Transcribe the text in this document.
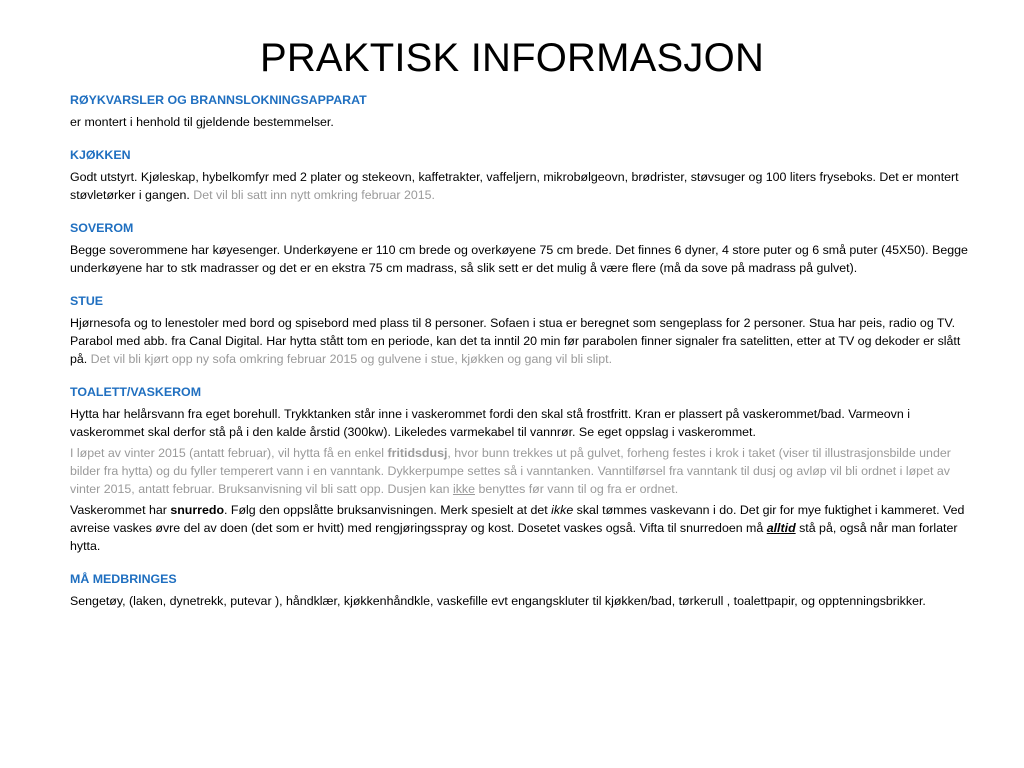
PRAKTISK INFORMASJON
RØYKVARSLER OG BRANNSLOKNINGSAPPARAT
er montert i henhold til gjeldende bestemmelser.
KJØKKEN
Godt utstyrt. Kjøleskap, hybelkomfyr med 2 plater og stekeovn, kaffetrakter, vaffeljern, mikrobølgeovn, brødrister, støvsuger og 100 liters fryseboks. Det er montert støvletørker i gangen. Det vil bli satt inn nytt omkring februar 2015.
SOVEROM
Begge soverommene har køyesenger. Underkøyene er 110 cm brede og overkøyene 75 cm brede. Det finnes 6 dyner, 4 store puter og 6 små puter (45X50). Begge underkøyene har to stk madrasser og det er en ekstra 75 cm madrass, så slik sett er det mulig å være flere (må da sove på madrass på gulvet).
STUE
Hjørnesofa og to lenestoler med bord og spisebord med plass til 8 personer. Sofaen i stua er beregnet som sengeplass for 2 personer. Stua har peis, radio og TV. Parabol med abb. fra Canal Digital. Har hytta stått tom en periode, kan det ta inntil 20 min før parabolen finner signaler fra satelitten, etter at TV og dekoder er slått på. Det vil bli kjørt opp ny sofa omkring februar 2015 og gulvene i stue, kjøkken og gang vil bli slipt.
TOALETT/VASKEROM
Hytta har helårsvann fra eget borehull. Trykktanken står inne i vaskerommet fordi den skal stå frostfritt. Kran er plassert på vaskerommet/bad. Varmeovn i vaskerommet skal derfor stå på i den kalde årstid (300kw). Likeledes varmekabel til vannrør. Se eget oppslag i vaskerommet.
I løpet av vinter 2015 (antatt februar), vil hytta få en enkel fritidsdusj, hvor bunn trekkes ut på gulvet, forheng festes i krok i taket (viser til illustrasjonsbilde under bilder fra hytta) og du fyller temperert vann i en vanntank. Dykkerpumpe settes så i vanntanken. Vanntilførsel fra vanntank til dusj og avløp vil bli ordnet i løpet av vinter 2015, antatt februar. Bruksanvisning vil bli satt opp. Dusjen kan ikke benyttes før vann til og fra er ordnet.
Vaskerommet har snurredo. Følg den oppslåtte bruksanvisningen. Merk spesielt at det ikke skal tømmes vaskevann i do. Det gir for mye fuktighet i kammeret. Ved avreise vaskes øvre del av doen (det som er hvitt) med rengjøringsspray og kost. Dosetet vaskes også. Vifta til snurredoen må alltid stå på, også når man forlater hytta.
MÅ MEDBRINGES
Sengetøy, (laken, dynetrekk, putevar ), håndklær, kjøkkenhåndkle, vaskefille evt engangskluter til kjøkken/bad, tørkerull , toalettpapir, og opptenningsbrikker.
